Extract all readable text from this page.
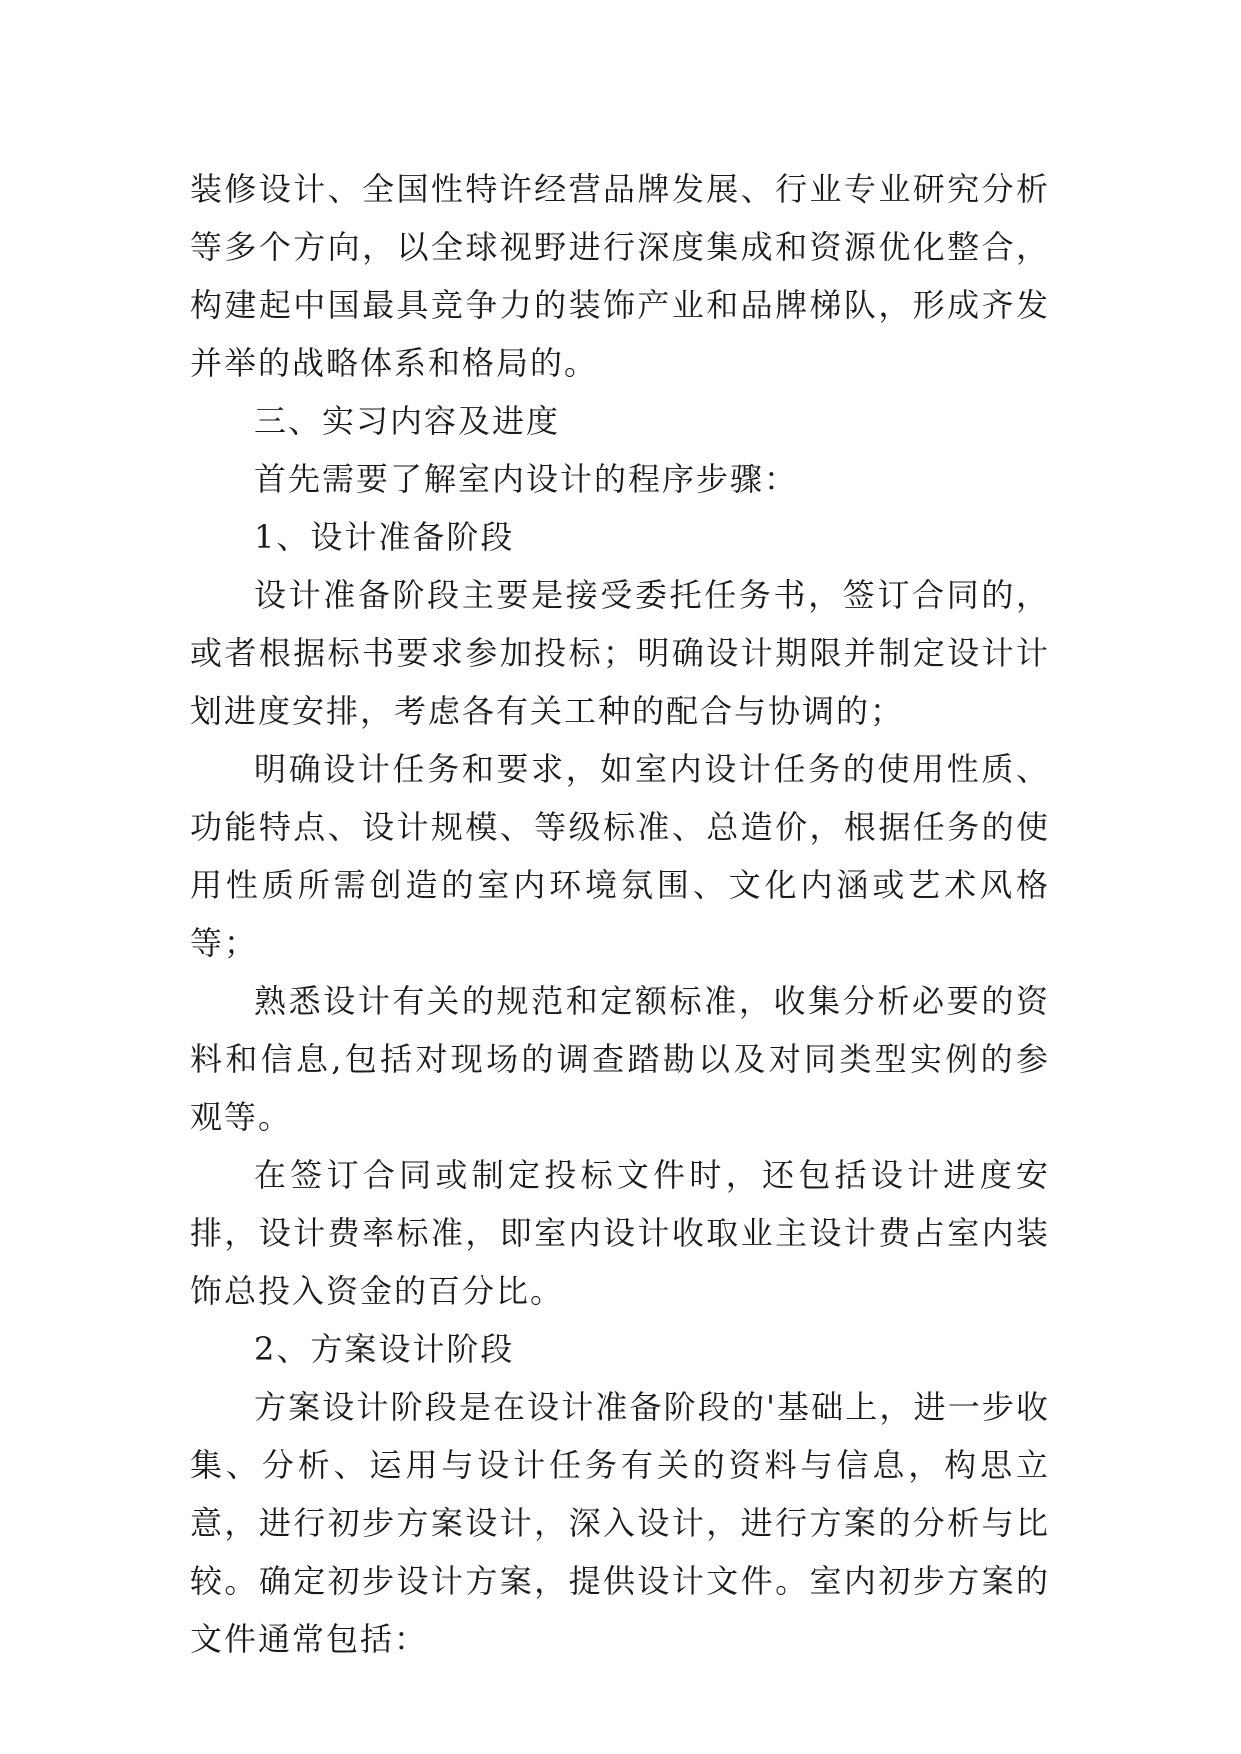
装修设计、全国性特许经营品牌发展、行业专业研究分析等多个方向，以全球视野进行深度集成和资源优化整合，构建起中国最具竞争力的装饰产业和品牌梯队，形成齐发并举的战略体系和格局的。

三、实习内容及进度

首先需要了解室内设计的程序步骤：

1、设计准备阶段

设计准备阶段主要是接受委托任务书，签订合同的，或者根据标书要求参加投标；明确设计期限并制定设计计划进度安排，考虑各有关工种的配合与协调的；

明确设计任务和要求，如室内设计任务的使用性质、功能特点、设计规模、等级标准、总造价，根据任务的使用性质所需创造的室内环境氛围、文化内涵或艺术风格等；

熟悉设计有关的规范和定额标准，收集分析必要的资料和信息,包括对现场的调查踏勘以及对同类型实例的参观等。

在签订合同或制定投标文件时，还包括设计进度安排，设计费率标准，即室内设计收取业主设计费占室内装饰总投入资金的百分比。

2、方案设计阶段

方案设计阶段是在设计准备阶段的'基础上，进一步收集、分析、运用与设计任务有关的资料与信息，构思立意，进行初步方案设计，深入设计，进行方案的分析与比较。确定初步设计方案，提供设计文件。室内初步方案的文件通常包括：
